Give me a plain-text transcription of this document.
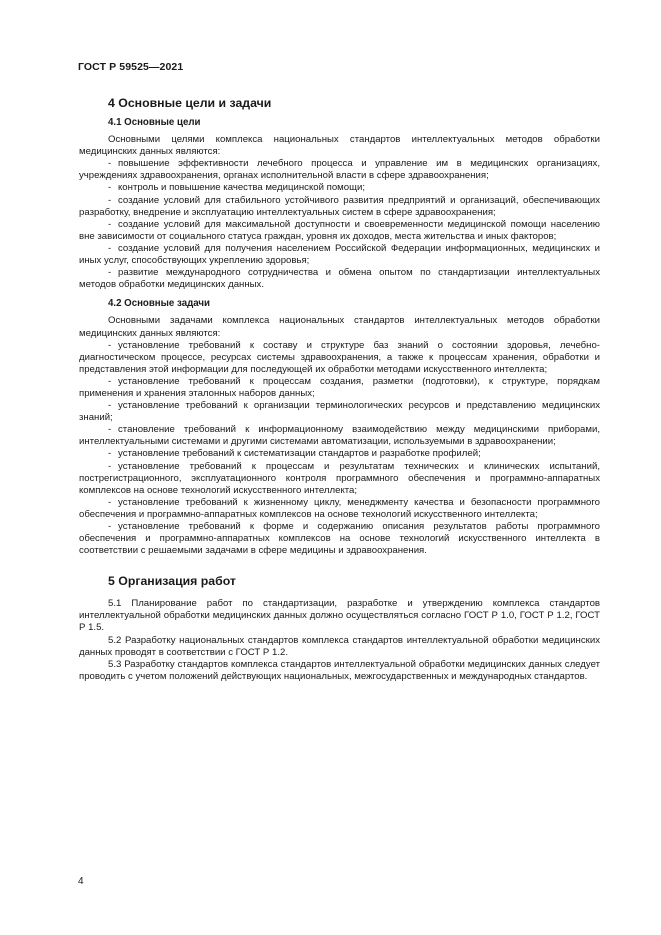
ГОСТ Р 59525—2021
4 Основные цели и задачи
4.1 Основные цели

Основными целями комплекса национальных стандартов интеллектуальных методов обработки медицинских данных являются:

- повышение эффективности лечебного процесса и управление им в медицинских организациях, учреждениях здравоохранения, органах исполнительной власти в сфере здравоохранения;
- контроль и повышение качества медицинской помощи;
- создание условий для стабильного устойчивого развития предприятий и организаций, обеспечивающих разработку, внедрение и эксплуатацию интеллектуальных систем в сфере здравоохранения;
- создание условий для максимальной доступности и своевременности медицинской помощи населению вне зависимости от социального статуса граждан, уровня их доходов, места жительства и иных факторов;
- создание условий для получения населением Российской Федерации информационных, медицинских и иных услуг, способствующих укреплению здоровья;
- развитие международного сотрудничества и обмена опытом по стандартизации интеллектуальных методов обработки медицинских данных.
4.2 Основные задачи

Основными задачами комплекса национальных стандартов интеллектуальных методов обработки медицинских данных являются:

- установление требований к составу и структуре баз знаний о состоянии здоровья, лечебно-диагностическом процессе, ресурсах системы здравоохранения, а также к процессам хранения, обработки и представления этой информации для последующей их обработки методами искусственного интеллекта;
- установление требований к процессам создания, разметки (подготовки), к структуре, порядкам применения и хранения эталонных наборов данных;
- установление требований к организации терминологических ресурсов и представлению медицинских знаний;
- становление требований к информационному взаимодействию между медицинскими приборами, интеллектуальными системами и другими системами автоматизации, используемыми в здравоохранении;
- установление требований к систематизации стандартов и разработке профилей;
- установление требований к процессам и результатам технических и клинических испытаний, пострегистрационного, эксплуатационного контроля программного обеспечения и программно-аппаратных комплексов на основе технологий искусственного интеллекта;
- установление требований к жизненному циклу, менеджменту качества и безопасности программного обеспечения и программно-аппаратных комплексов на основе технологий искусственного интеллекта;
- установление требований к форме и содержанию описания результатов работы программного обеспечения и программно-аппаратных комплексов на основе технологий искусственного интеллекта в соответствии с решаемыми задачами в сфере медицины и здравоохранения.
5 Организация работ

5.1 Планирование работ по стандартизации, разработке и утверждению комплекса стандартов интеллектуальной обработки медицинских данных должно осуществляться согласно ГОСТ Р 1.0, ГОСТ Р 1.2, ГОСТ Р 1.5.

5.2 Разработку национальных стандартов комплекса стандартов интеллектуальной обработки медицинских данных проводят в соответствии с ГОСТ Р 1.2.

5.3 Разработку стандартов комплекса стандартов интеллектуальной обработки медицинских данных следует проводить с учетом положений действующих национальных, межгосударственных и международных стандартов.

4
